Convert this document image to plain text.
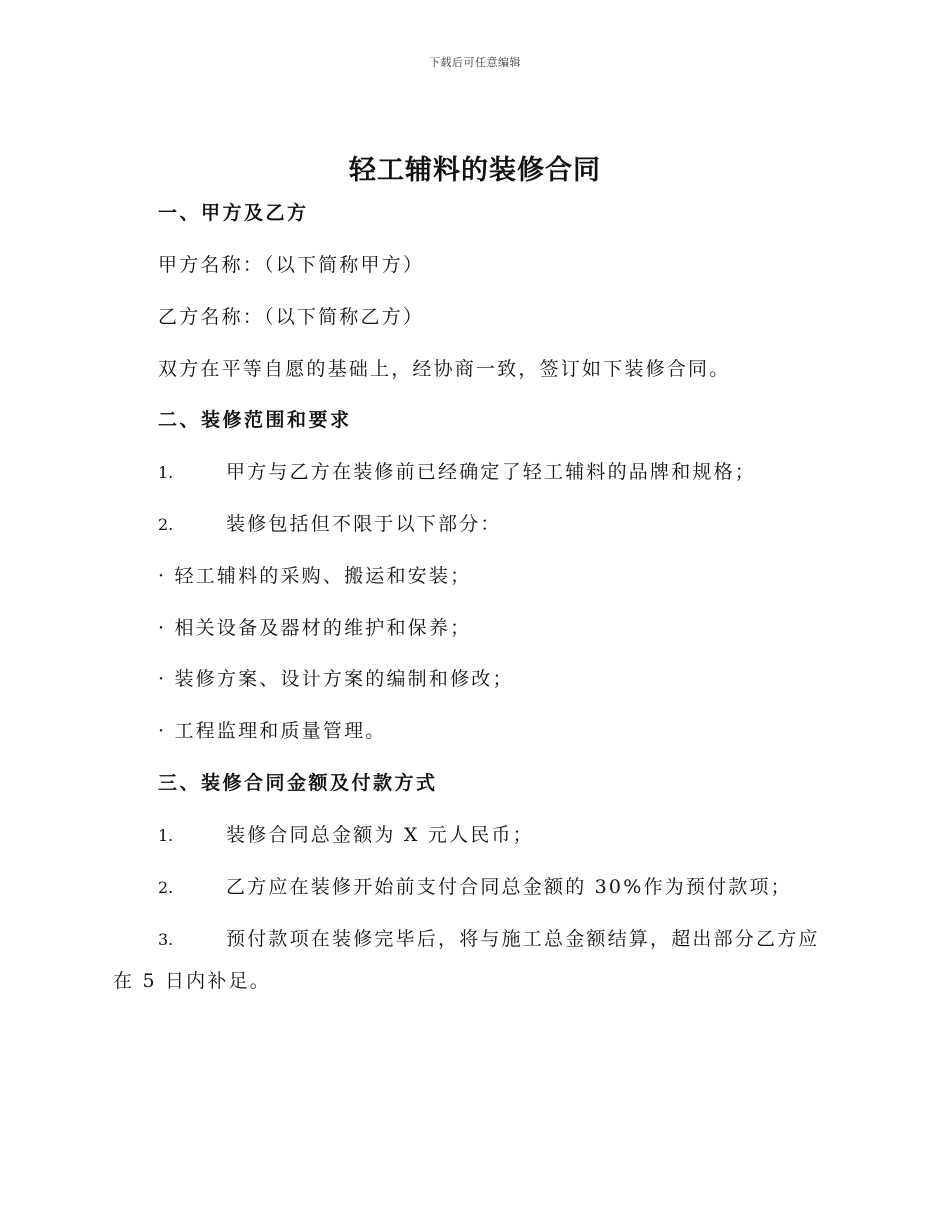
下载后可任意编辑
轻工辅料的装修合同
一、甲方及乙方
甲方名称：（以下简称甲方）
乙方名称：（以下简称乙方）
双方在平等自愿的基础上，经协商一致，签订如下装修合同。
二、装修范围和要求
1.	甲方与乙方在装修前已经确定了轻工辅料的品牌和规格；
2.	装修包括但不限于以下部分：
· 轻工辅料的采购、搬运和安装；
· 相关设备及器材的维护和保养；
· 装修方案、设计方案的编制和修改；
· 工程监理和质量管理。
三、装修合同金额及付款方式
1.	装修合同总金额为 X 元人民币；
2.	乙方应在装修开始前支付合同总金额的 30%作为预付款项；
3.	预付款项在装修完毕后，将与施工总金额结算，超出部分乙方应
在 5 日内补足。
